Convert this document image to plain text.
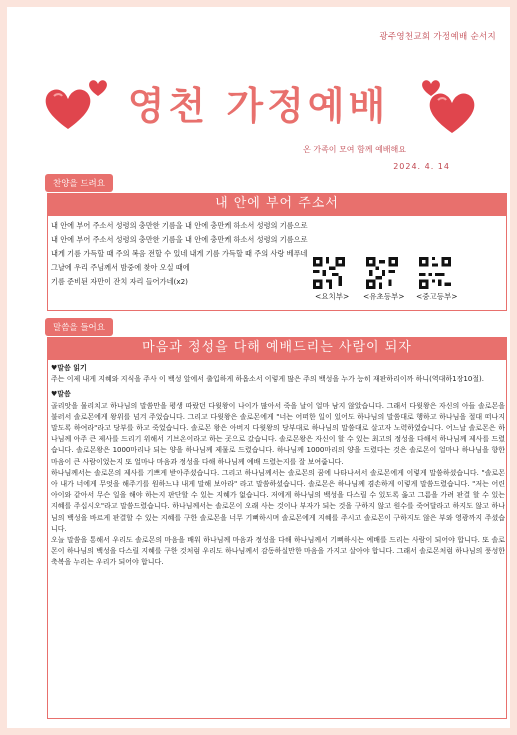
광주영천교회 가정예배 순서지
영천 가정예배
온 가족이 모여 함께 예배해요
2024. 4. 14
찬양을 드려요
내 안에 부어 주소서
내 안에 부어 주소서 성령의 충만한 기름을 내 안에 충만케 하소서 성령의 기름으로
내 안에 부어 주소서 성령의 충만한 기름을 내 안에 충만케 하소서 성령의 기름으로
내게 기름 가득할 때 주의 복음 전할 수 있네 내게 기름 가득할 때 주의 사랑 베푸네
그날에 우리 주님께서 밤중에 찾아 오실 때에
기름 준비된 자만이 잔치 자리 들어가네(x2)
<요치부> <유초등부> <중고등부>
말씀을 들어요
마음과 정성을 다해 예배드리는 사람이 되자

♥말씀 읽기

주는 이제 내게 지혜와 지식을 주사 이 백성 앞에서 출입하게 하옵소서 이렇게 많은 주의 백성을 누가 능히 재판하리이까 하니(역대하1장10절).

♥말씀

골리앗을 물리치고 하나님의 말씀만을 평생 따랐던 다윗왕이 나이가 많아서 죽을 날이 얼마 남지 않았습니다. 그래서 다윗왕은 자신의 아들 솔로몬을 불러서 솔로몬에게 왕위를 넘겨 주었습니다. 그리고 다윗왕은 솔로몬에게 "너는 어떠한 일이 있어도 하나님의 말씀대로 행하고 하나님을 절대 떠나지 말도록 하여라"라고 당부를 하고 죽었습니다. 솔로몬 왕은 아버지 다윗왕의 당부대로 하나님의 말씀대로 살고자 노력하였습니다. 어느날 솔로몬은 하나님께 아주 큰 제사를 드리기 위해서 기브온이라고 하는 곳으로 갔습니다. 솔로몬왕은 자신이 할 수 있는 최고의 정성을 다해서 하나님께 제사를 드렸습니다. 솔로몬왕은 1000마리나 되는 양을 하나님께 제물로 드렸습니다. 하나님께 1000마리의 양을 드렸다는 것은 솔로몬이 얼마나 하나님을 향한 마음이 큰 사람이었는지 또 얼마나 마음과 정성을 다해 하나님께 예배 드렸는지를 잘 보여줍니다.

하나님께서는 솔로몬의 제사를 기쁘게 받아주셨습니다. 그리고 하나님께서는 솔로몬의 꿈에 나타나셔서 솔로몬에게 이렇게 말씀하셨습니다. "솔로몬아 내가 너에게 무엇을 해주기를 원하느냐 내게 말해 보아라" 라고 말씀하셨습니다. 솔로몬은 하나님께 겸손하게 이렇게 말씀드렸습니다. "저는 어린아이와 같아서 무슨 일을 해야 하는지 판단할 수 있는 지혜가 없습니다. 저에게 하나님의 백성을 다스릴 수 있도록 옳고 그름을 가려 판결 할 수 있는 지혜를 주십시오"라고 말씀드렸습니다. 하나님께서는 솔로몬이 오래 사는 것이나 부자가 되는 것을 구하지 않고 원수를 죽여달라고 하지도 않고 하나님의 백성을 바르게 판결할 수 있는 지혜를 구한 솔로몬을 너무 기뻐하시며 솔로몬에게 지혜를 주시고 솔로몬이 구하지도 않은 부와 영광까지 주셨습니다.

오늘 말씀을 통해서 우리도 솔로몬의 마음을 배워 하나님께 마음과 정성을 다해 하나님께서 기뻐하시는 예배를 드리는 사람이 되어야 합니다. 또 솔로몬이 하나님의 백성을 다스릴 지혜를 구한 것처럼 우리도 하나님께서 감동하실만한 마음을 가지고 살아야 합니다. 그래서 솔로몬처럼 하나님의 풍성한 축복을 누리는 우리가 되어야 합니다.
